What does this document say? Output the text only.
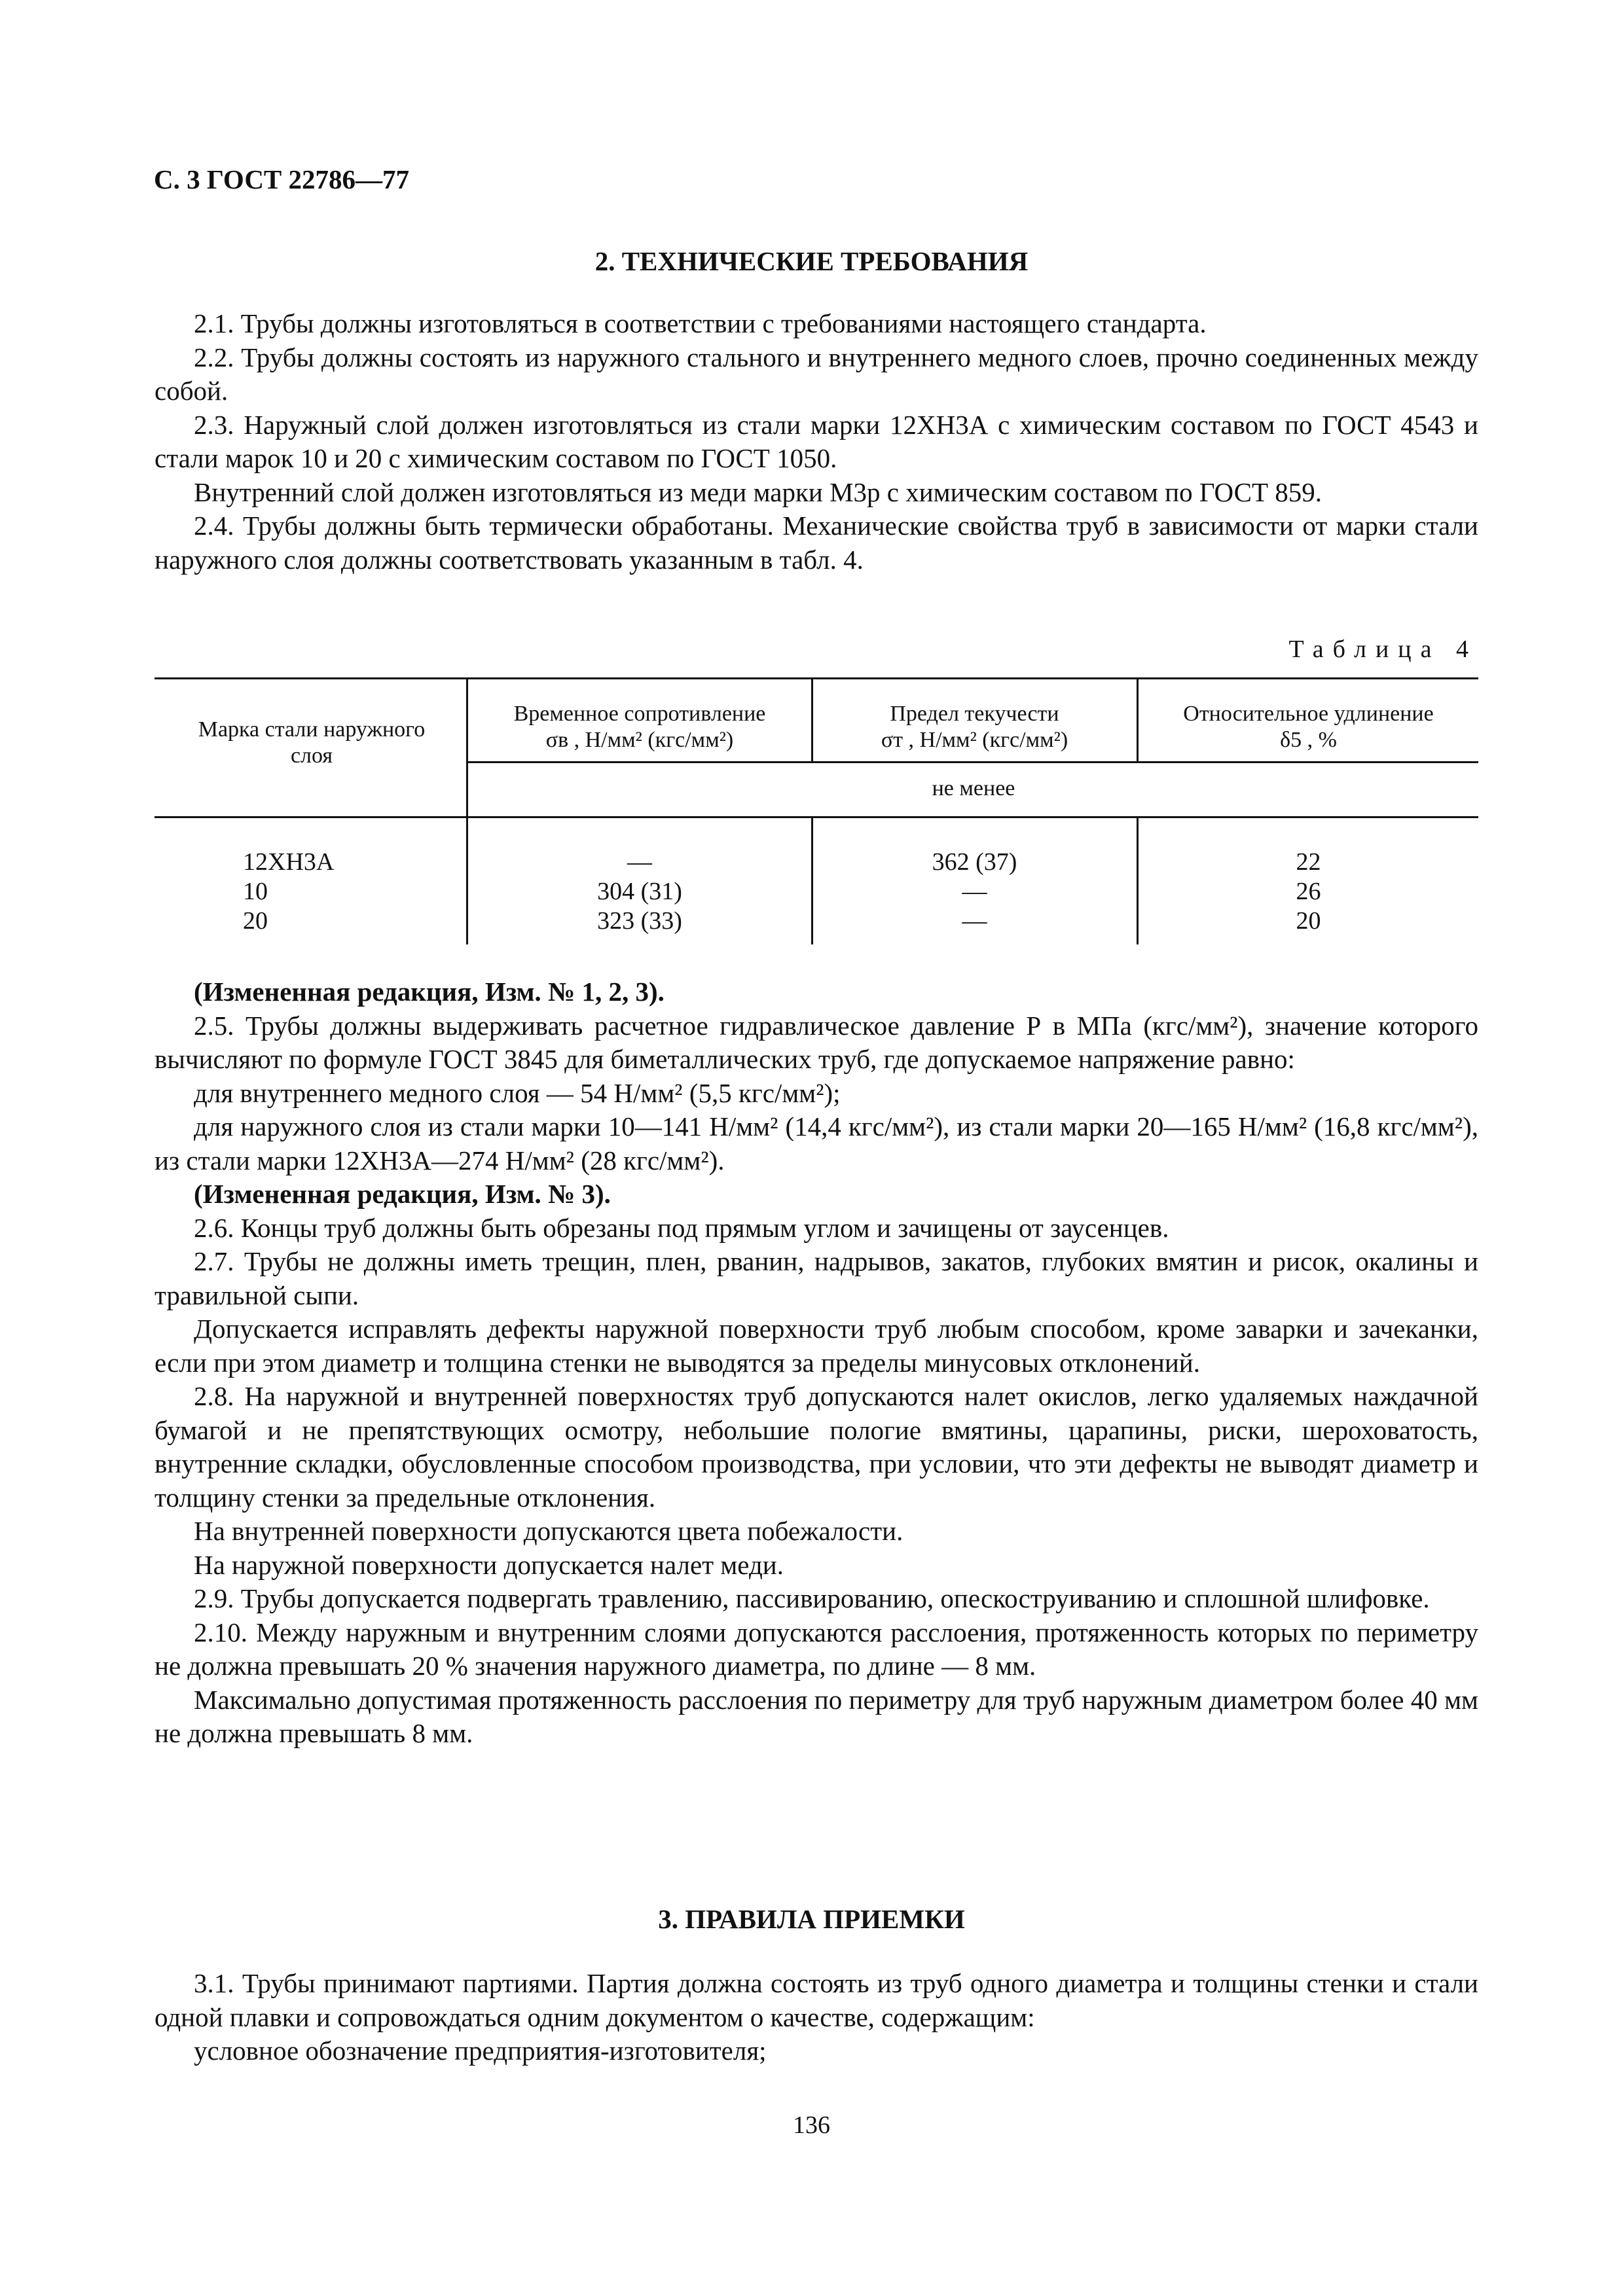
С. 3 ГОСТ 22786—77
2. ТЕХНИЧЕСКИЕ ТРЕБОВАНИЯ

2.1. Трубы должны изготовляться в соответствии с требованиями настоящего стандарта.

2.2. Трубы должны состоять из наружного стального и внутреннего медного слоев, прочно соединенных между собой.

2.3. Наружный слой должен изготовляться из стали марки 12ХН3А с химическим составом по ГОСТ 4543 и стали марок 10 и 20 с химическим составом по ГОСТ 1050.

Внутренний слой должен изготовляться из меди марки М3р с химическим составом по ГОСТ 859.

2.4. Трубы должны быть термически обработаны. Механические свойства труб в зависимости от марки стали наружного слоя должны соответствовать указанным в табл. 4.

Таблица 4
Марка стали наружного слоя
Временное сопротивление
σв , Н/мм² (кгс/мм²)
Предел текучести
σт , Н/мм² (кгс/мм²)
Относительное удлинение
δ5 , %
не менее
12ХН3А
10
20
—
304 (31)
323 (33)
362 (37)
—
—
22
26
20

(Измененная редакция, Изм. № 1, 2, 3).

2.5. Трубы должны выдерживать расчетное гидравлическое давление Р в МПа (кгс/мм²), значение которого вычисляют по формуле ГОСТ 3845 для биметаллических труб, где допускаемое напряжение равно:

для внутреннего медного слоя — 54 Н/мм² (5,5 кгс/мм²);

для наружного слоя из стали марки 10—141 Н/мм² (14,4 кгс/мм²), из стали марки 20—165 Н/мм² (16,8 кгс/мм²), из стали марки 12ХН3А—274 Н/мм² (28 кгс/мм²).

(Измененная редакция, Изм. № 3).

2.6. Концы труб должны быть обрезаны под прямым углом и зачищены от заусенцев.

2.7. Трубы не должны иметь трещин, плен, рванин, надрывов, закатов, глубоких вмятин и рисок, окалины и травильной сыпи.

Допускается исправлять дефекты наружной поверхности труб любым способом, кроме заварки и зачеканки, если при этом диаметр и толщина стенки не выводятся за пределы минусовых отклонений.

2.8. На наружной и внутренней поверхностях труб допускаются налет окислов, легко удаляемых наждачной бумагой и не препятствующих осмотру, небольшие пологие вмятины, царапины, риски, шероховатость, внутренние складки, обусловленные способом производства, при условии, что эти дефекты не выводят диаметр и толщину стенки за предельные отклонения.

На внутренней поверхности допускаются цвета побежалости.

На наружной поверхности допускается налет меди.

2.9. Трубы допускается подвергать травлению, пассивированию, опескоструиванию и сплошной шлифовке.

2.10. Между наружным и внутренним слоями допускаются расслоения, протяженность которых по периметру не должна превышать 20 % значения наружного диаметра, по длине — 8 мм.

Максимально допустимая протяженность расслоения по периметру для труб наружным диаметром более 40 мм не должна превышать 8 мм.

3. ПРАВИЛА ПРИЕМКИ

3.1. Трубы принимают партиями. Партия должна состоять из труб одного диаметра и толщины стенки и стали одной плавки и сопровождаться одним документом о качестве, содержащим:

условное обозначение предприятия-изготовителя;

136
